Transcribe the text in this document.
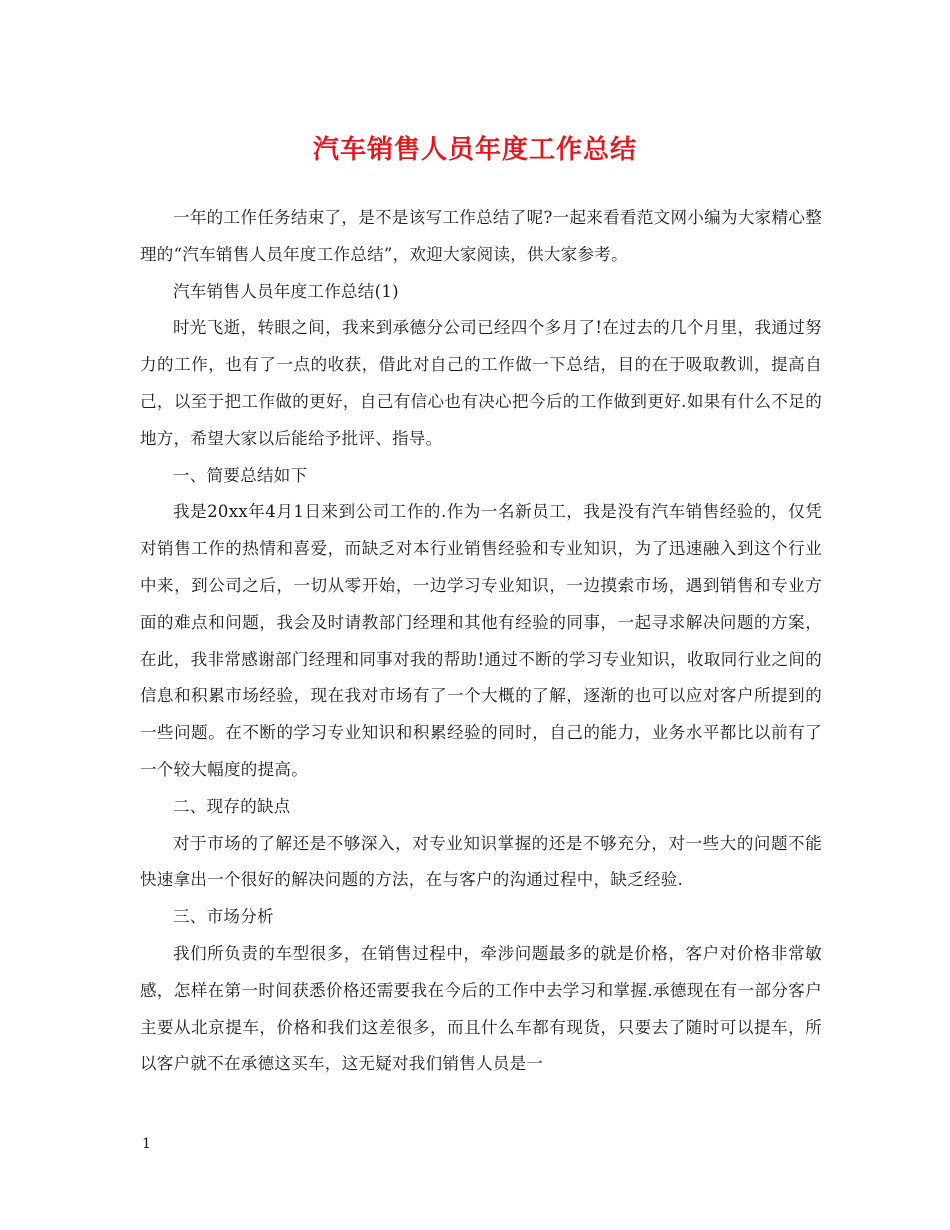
汽车销售人员年度工作总结

一年的工作任务结束了，是不是该写工作总结了呢?一起来看看范文网小编为大家精心整理的“汽车销售人员年度工作总结”，欢迎大家阅读，供大家参考。

汽车销售人员年度工作总结(1)

时光飞逝，转眼之间，我来到承德分公司已经四个多月了!在过去的几个月里，我通过努力的工作，也有了一点的收获，借此对自己的工作做一下总结，目的在于吸取教训，提高自己，以至于把工作做的更好，自己有信心也有决心把今后的工作做到更好.如果有什么不足的地方，希望大家以后能给予批评、指导。

一、简要总结如下

我是20xx年4月1日来到公司工作的.作为一名新员工，我是没有汽车销售经验的，仅凭对销售工作的热情和喜爱，而缺乏对本行业销售经验和专业知识，为了迅速融入到这个行业中来，到公司之后，一切从零开始，一边学习专业知识，一边摸索市场，遇到销售和专业方面的难点和问题，我会及时请教部门经理和其他有经验的同事，一起寻求解决问题的方案，在此，我非常感谢部门经理和同事对我的帮助!通过不断的学习专业知识，收取同行业之间的信息和积累市场经验，现在我对市场有了一个大概的了解，逐渐的也可以应对客户所提到的一些问题。在不断的学习专业知识和积累经验的同时，自己的能力，业务水平都比以前有了一个较大幅度的提高。

二、现存的缺点

对于市场的了解还是不够深入，对专业知识掌握的还是不够充分，对一些大的问题不能快速拿出一个很好的解决问题的方法，在与客户的沟通过程中，缺乏经验.

三、市场分析

我们所负责的车型很多，在销售过程中，牵涉问题最多的就是价格，客户对价格非常敏感，怎样在第一时间获悉价格还需要我在今后的工作中去学习和掌握.承德现在有一部分客户主要从北京提车，价格和我们这差很多，而且什么车都有现货，只要去了随时可以提车，所以客户就不在承德这买车，这无疑对我们销售人员是一

1
